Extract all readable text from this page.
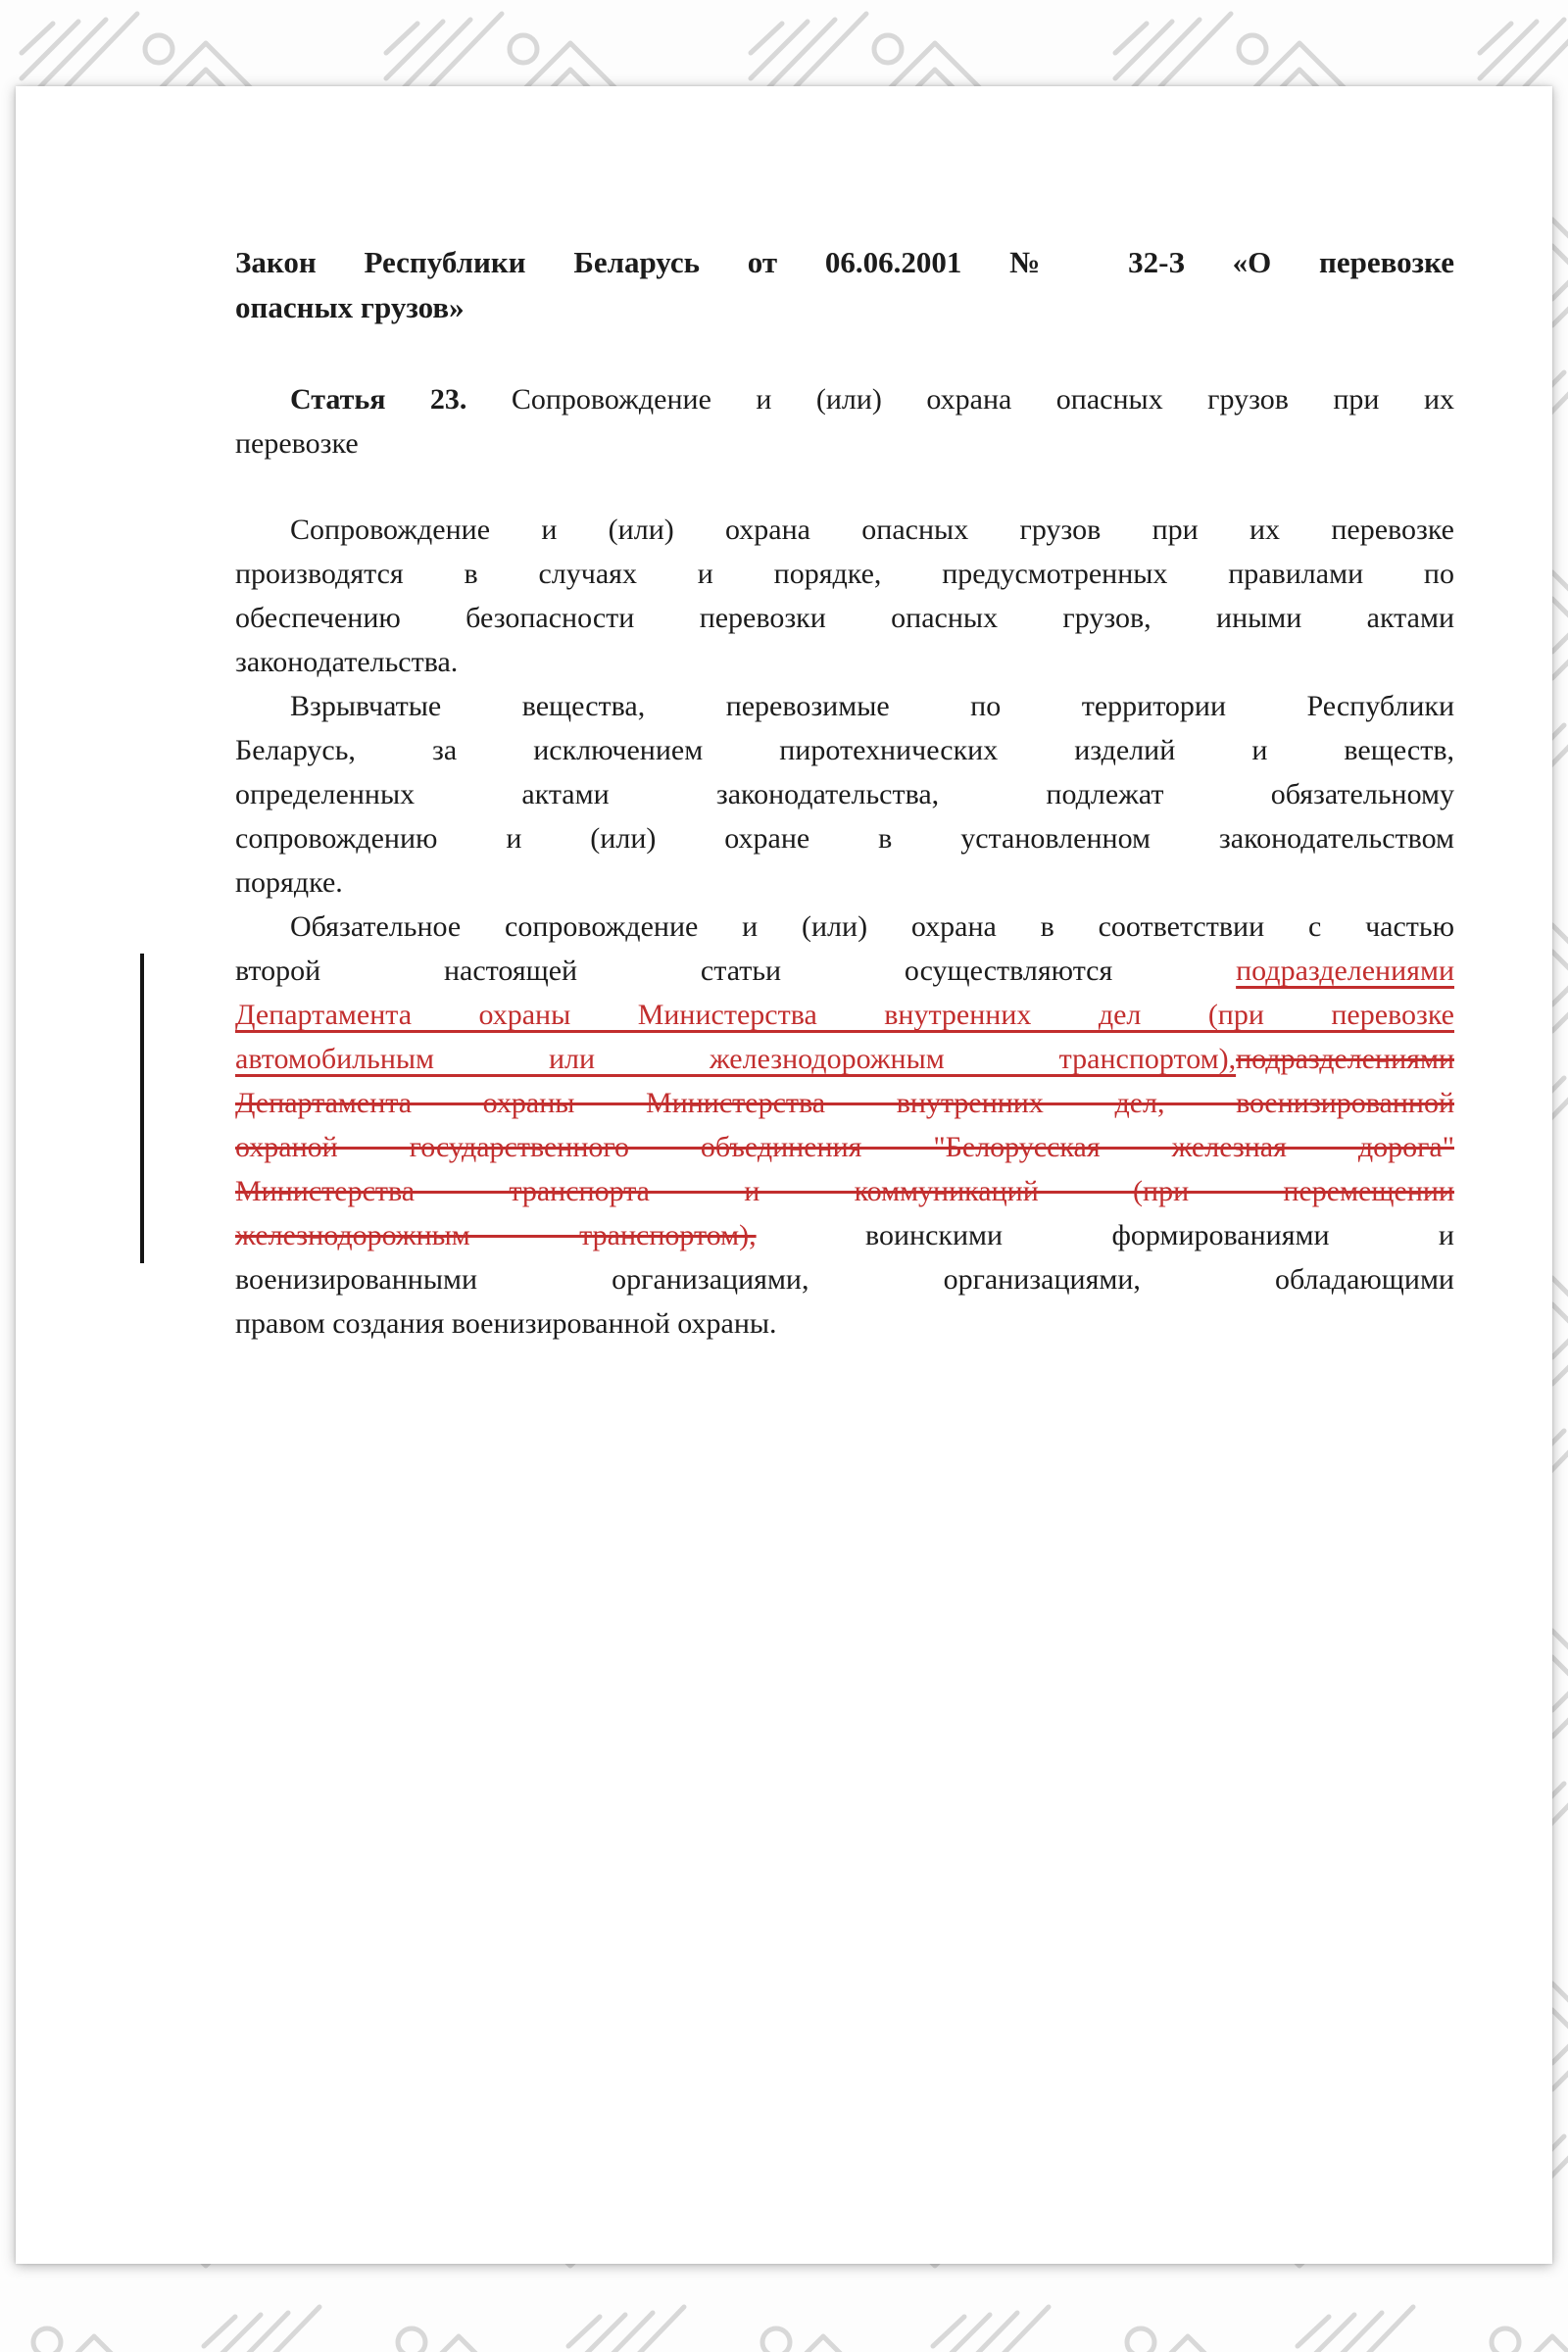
Закон Республики Беларусь от 06.06.2001 № 32-З «О перевозке
опасных грузов»
Статья 23. Сопровождение и (или) охрана опасных грузов при их
перевозке
Сопровождение и (или) охрана опасных грузов при их перевозке
производятся в случаях и порядке, предусмотренных правилами по
обеспечению безопасности перевозки опасных грузов, иными актами
законодательства.
Взрывчатые вещества, перевозимые по территории Республики
Беларусь, за исключением пиротехнических изделий и веществ,
определенных актами законодательства, подлежат обязательному
сопровождению и (или) охране в установленном законодательством
порядке.
Обязательное сопровождение и (или) охрана в соответствии с частью
второй настоящей статьи осуществляются подразделениями
Департамента охраны Министерства внутренних дел (при перевозке
автомобильным или железнодорожным транспортом),подразделениями
Департамента охраны Министерства внутренних дел, военизированной
охраной государственного объединения "Белорусская железная дорога"
Министерства транспорта и коммуникаций (при перемещении
железнодорожным транспортом), воинскими формированиями и
военизированными организациями, организациями, обладающими
правом создания военизированной охраны.
